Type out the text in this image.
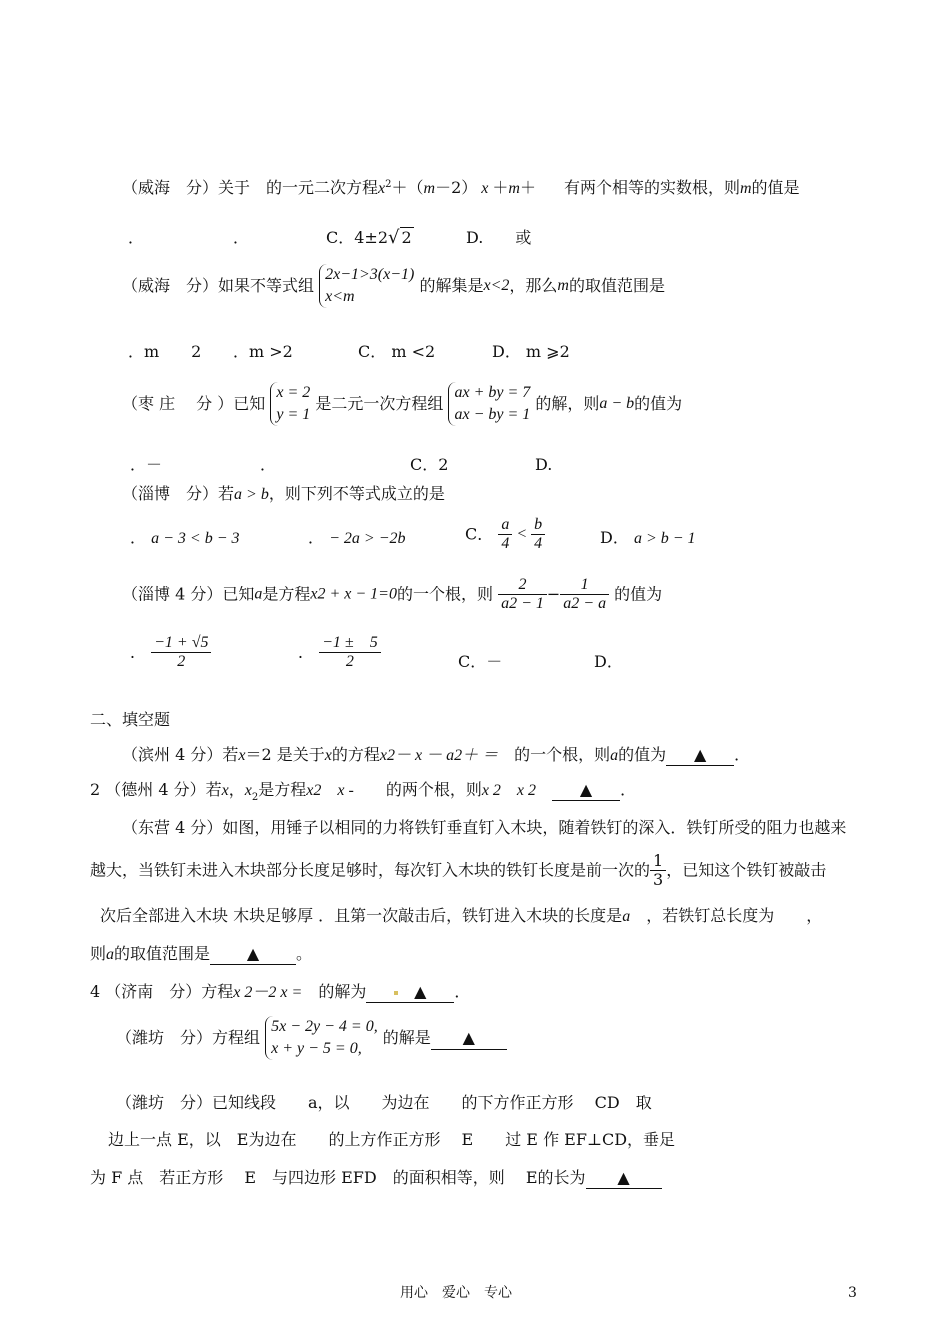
（威海　分）关于　的一元二次方程$x^2+(m-2)$ x ＋m＋ 有两个相等的实数根，则m的值是
．	．	C．4±2√ 2	D.　　或
（威海　分）如果不等式组 2x−1>3(x−1)
x<m 的解集是x<2，那么m的取值范围是
．m　　2 ．m >2	C． m <2	D． m ⩾2
（枣 庄　 分 ）已知 x = 2
y = 1 是二元一次方程组 ax + by = 7
ax − by = 1 的解，则a − b的值为
．－	．	C．2	D.
（淄博　分）若a > b，则下列不等式成立的是
． a − 3 < b − 3	． − 2a > −2b	C． $\frac{a}{4} < \frac{b}{4}$	D． a > b − 1
（淄博 4 分）已知a是方程x2 + x − 1=0的一个根，则 $\frac{2}{a2 - 1} - \frac{1}{a2 - a}$ 的值为
． $\frac{-1 + √5}{2}$	． $\frac{-1 \pm 5}{2}$	C．－	D．
二、填空题
（滨州 4 分）若x＝2 是关于x的方程x2－ x － a2＋ ＝　 的一个根，则a的值为 ▲ ．
2 （德州 4 分）若x，$x_2$是方程x2　x -　　 的两个根，则x 2　x 2　	▲ ．
（东营 4 分）如图，用锤子以相同的力将铁钉垂直钉入木块，随着铁钉的深入．铁钉所受的阻力也越来
越大，当铁钉未进入木块部分长度足够时，每次钉入木块的铁钉长度是前一次的 $\frac{1}{3}$ ，已知这个铁钉被敲击
次后全部进入木块 木块足够厚 ．且第一次敲击后，铁钉进入木块的长度是a　 ，若铁钉总长度为　　，
则a的取值范围是 ▲ 。
4 （济南　分）方程x 2－2 x =　 的解为　	▲ ．
（潍坊　分）方程组 5x − 2y − 4 = 0,
x + y − 5 = 0, 的解是 ▲
（潍坊　分）已知线段　　a，以　　为边在　　的下方作正方形　 CD　取
边上一点 E，以　E为边在　　的上方作正方形　 E　　过 E 作 EF⊥CD，垂足
为 F 点　若正方形　 E　与四边形 EFD　的面积相等，则　 E的长为 ▲
用心　爱心　专心	3
